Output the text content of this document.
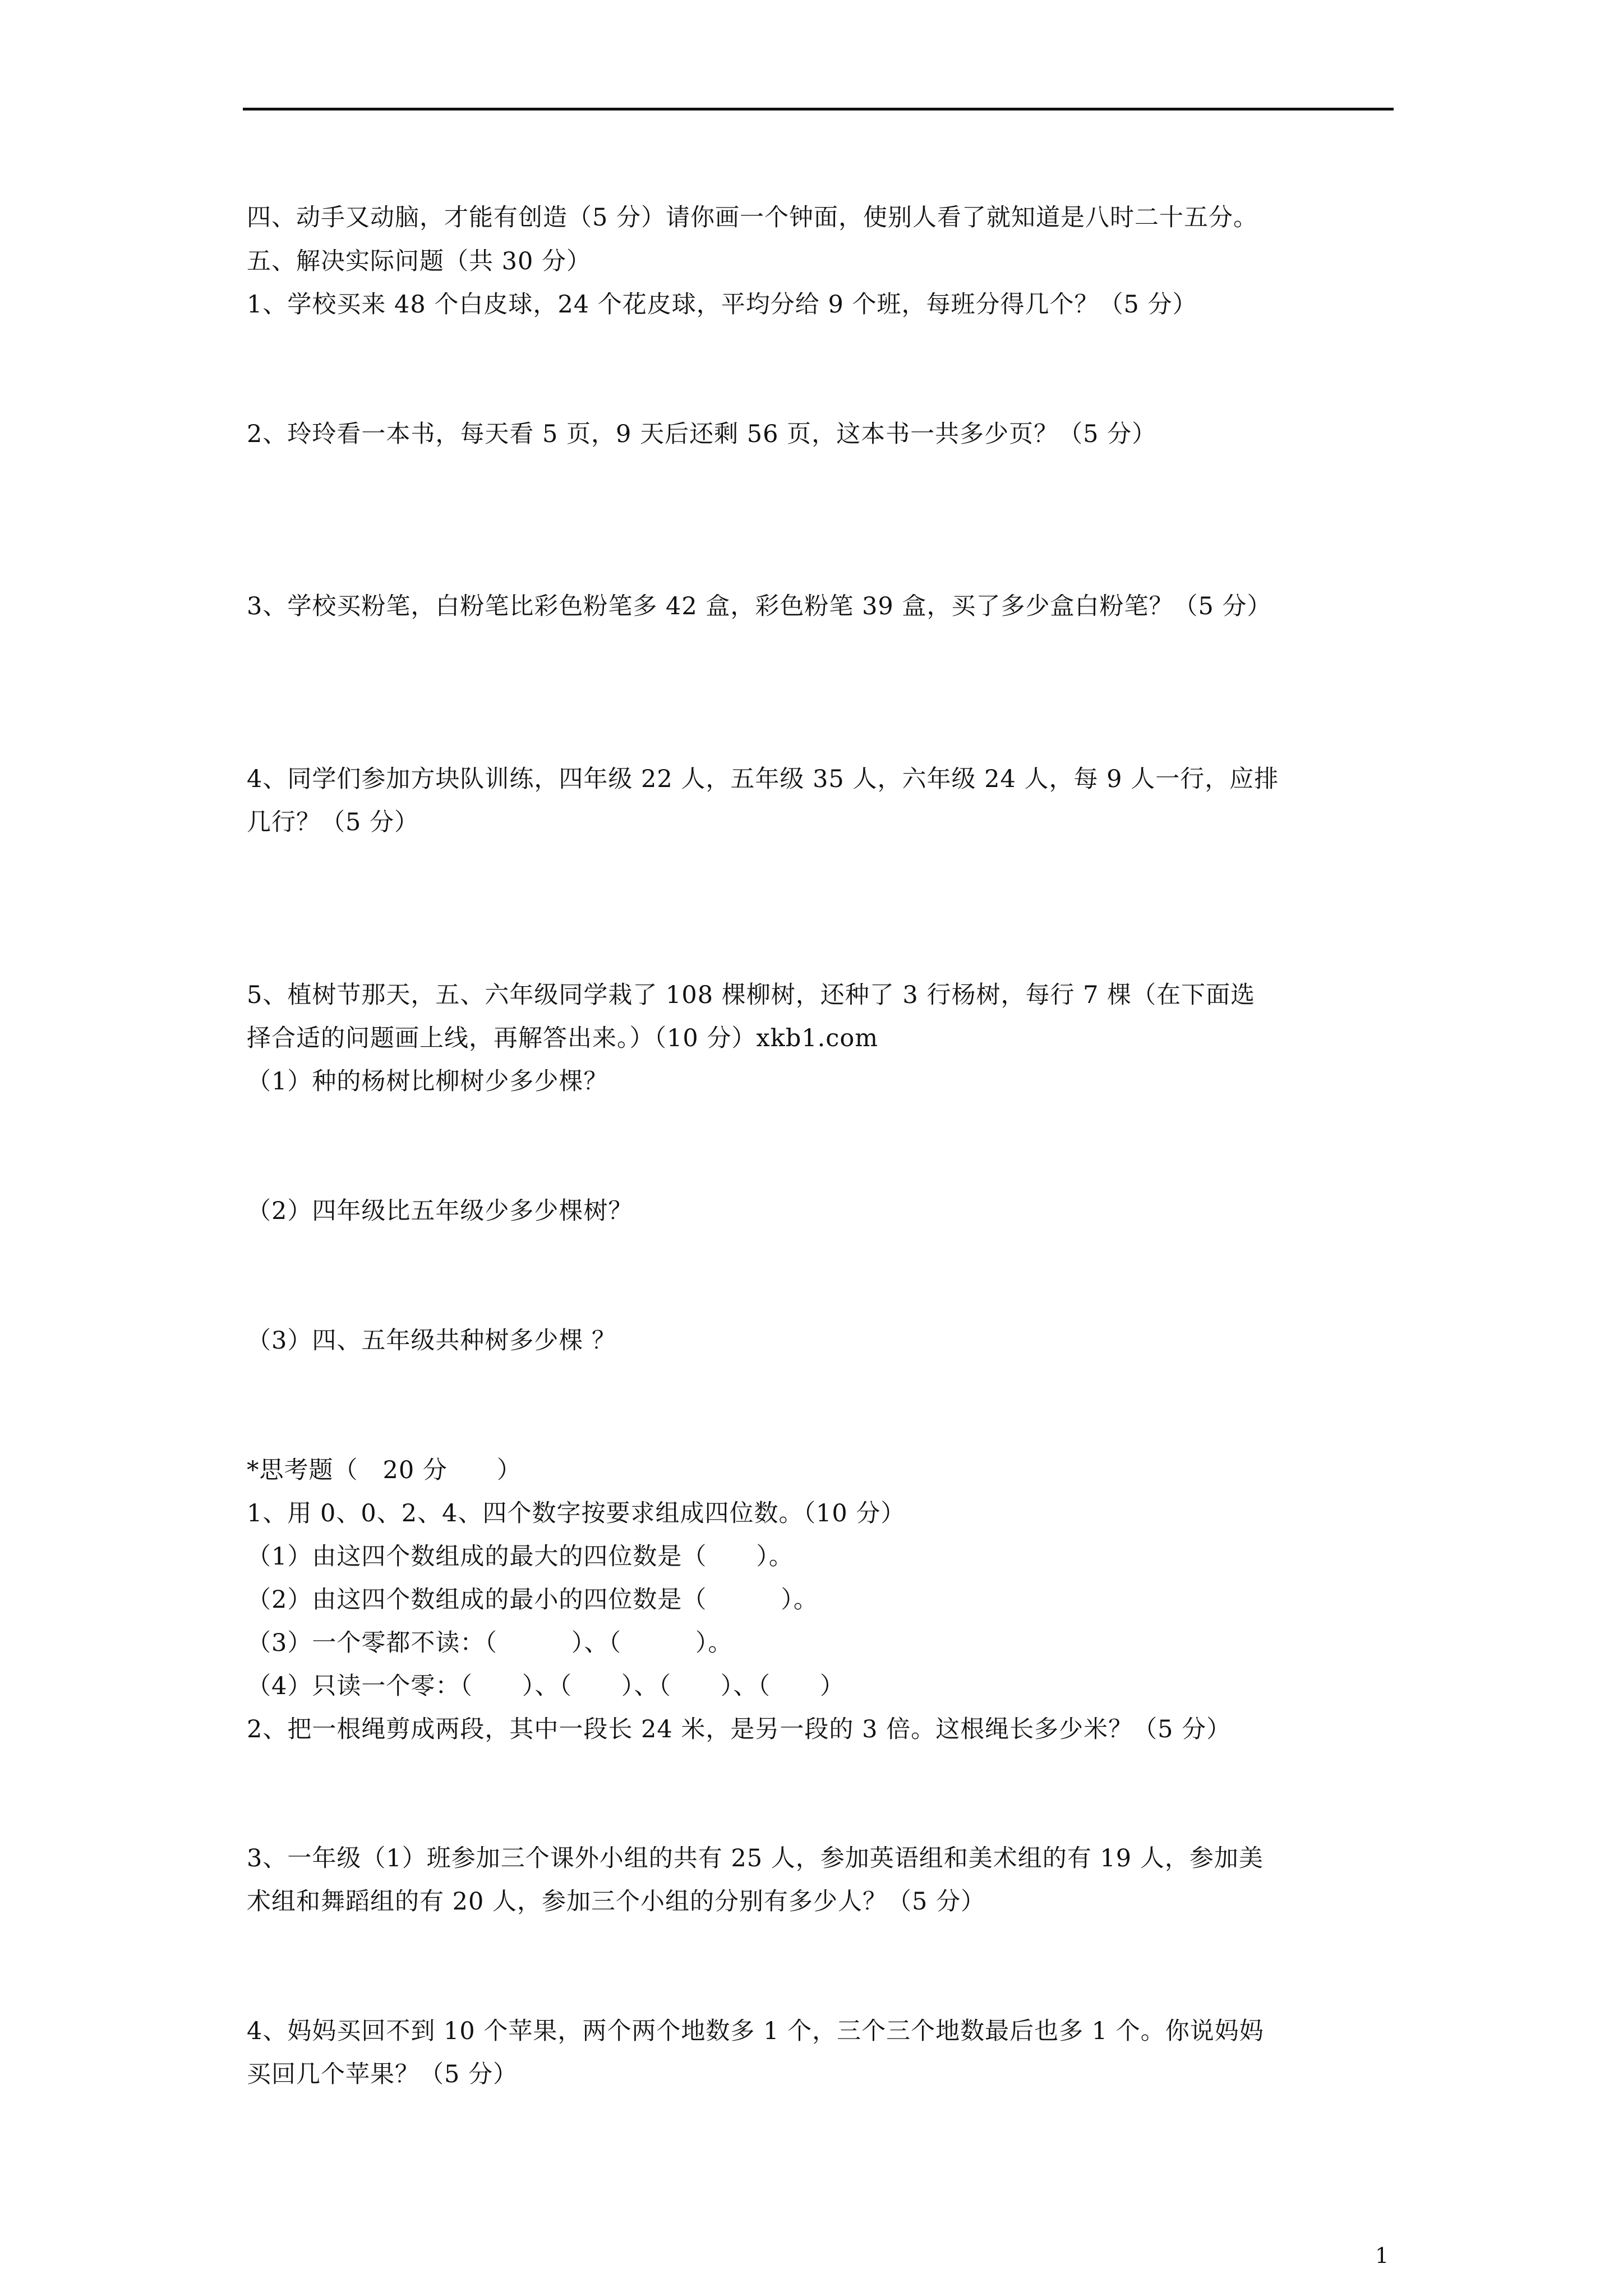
四、动手又动脑，才能有创造（5 分）请你画一个钟面，使别人看了就知道是八时二十五分。
五、解决实际问题（共 30 分）
1、学校买来 48 个白皮球，24 个花皮球，平均分给 9 个班，每班分得几个？（5 分）
2、玲玲看一本书，每天看 5 页，9 天后还剩 56 页，这本书一共多少页？（5 分）
3、学校买粉笔，白粉笔比彩色粉笔多 42 盒，彩色粉笔 39 盒，买了多少盒白粉笔？（5 分）
4、同学们参加方块队训练，四年级 22 人，五年级 35 人，六年级 24 人，每 9 人一行，应排
几行？（5 分）
5、植树节那天，五、六年级同学栽了 108 棵柳树，还种了 3 行杨树，每行 7 棵（在下面选
择合适的问题画上线，再解答出来。）（10 分）xkb1.com
（1）种的杨树比柳树少多少棵？
（2）四年级比五年级少多少棵树？
（3）四、五年级共种树多少棵 ？
*思考题（　20 分　　）
1、用 0、0、2、4、四个数字按要求组成四位数。（10 分）
（1）由这四个数组成的最大的四位数是（　　）。
（2）由这四个数组成的最小的四位数是（　　　）。
（3）一个零都不读：（　　　）、（　　　）。
（4）只读一个零：（　　）、（　　）、（　　）、（　　）
2、把一根绳剪成两段，其中一段长 24 米，是另一段的 3 倍。这根绳长多少米？（5 分）
3、一年级（1）班参加三个课外小组的共有 25 人，参加英语组和美术组的有 19 人，参加美
术组和舞蹈组的有 20 人，参加三个小组的分别有多少人？（5 分）
4、妈妈买回不到 10 个苹果，两个两个地数多 1 个，三个三个地数最后也多 1 个。你说妈妈
买回几个苹果？（5 分）
1
